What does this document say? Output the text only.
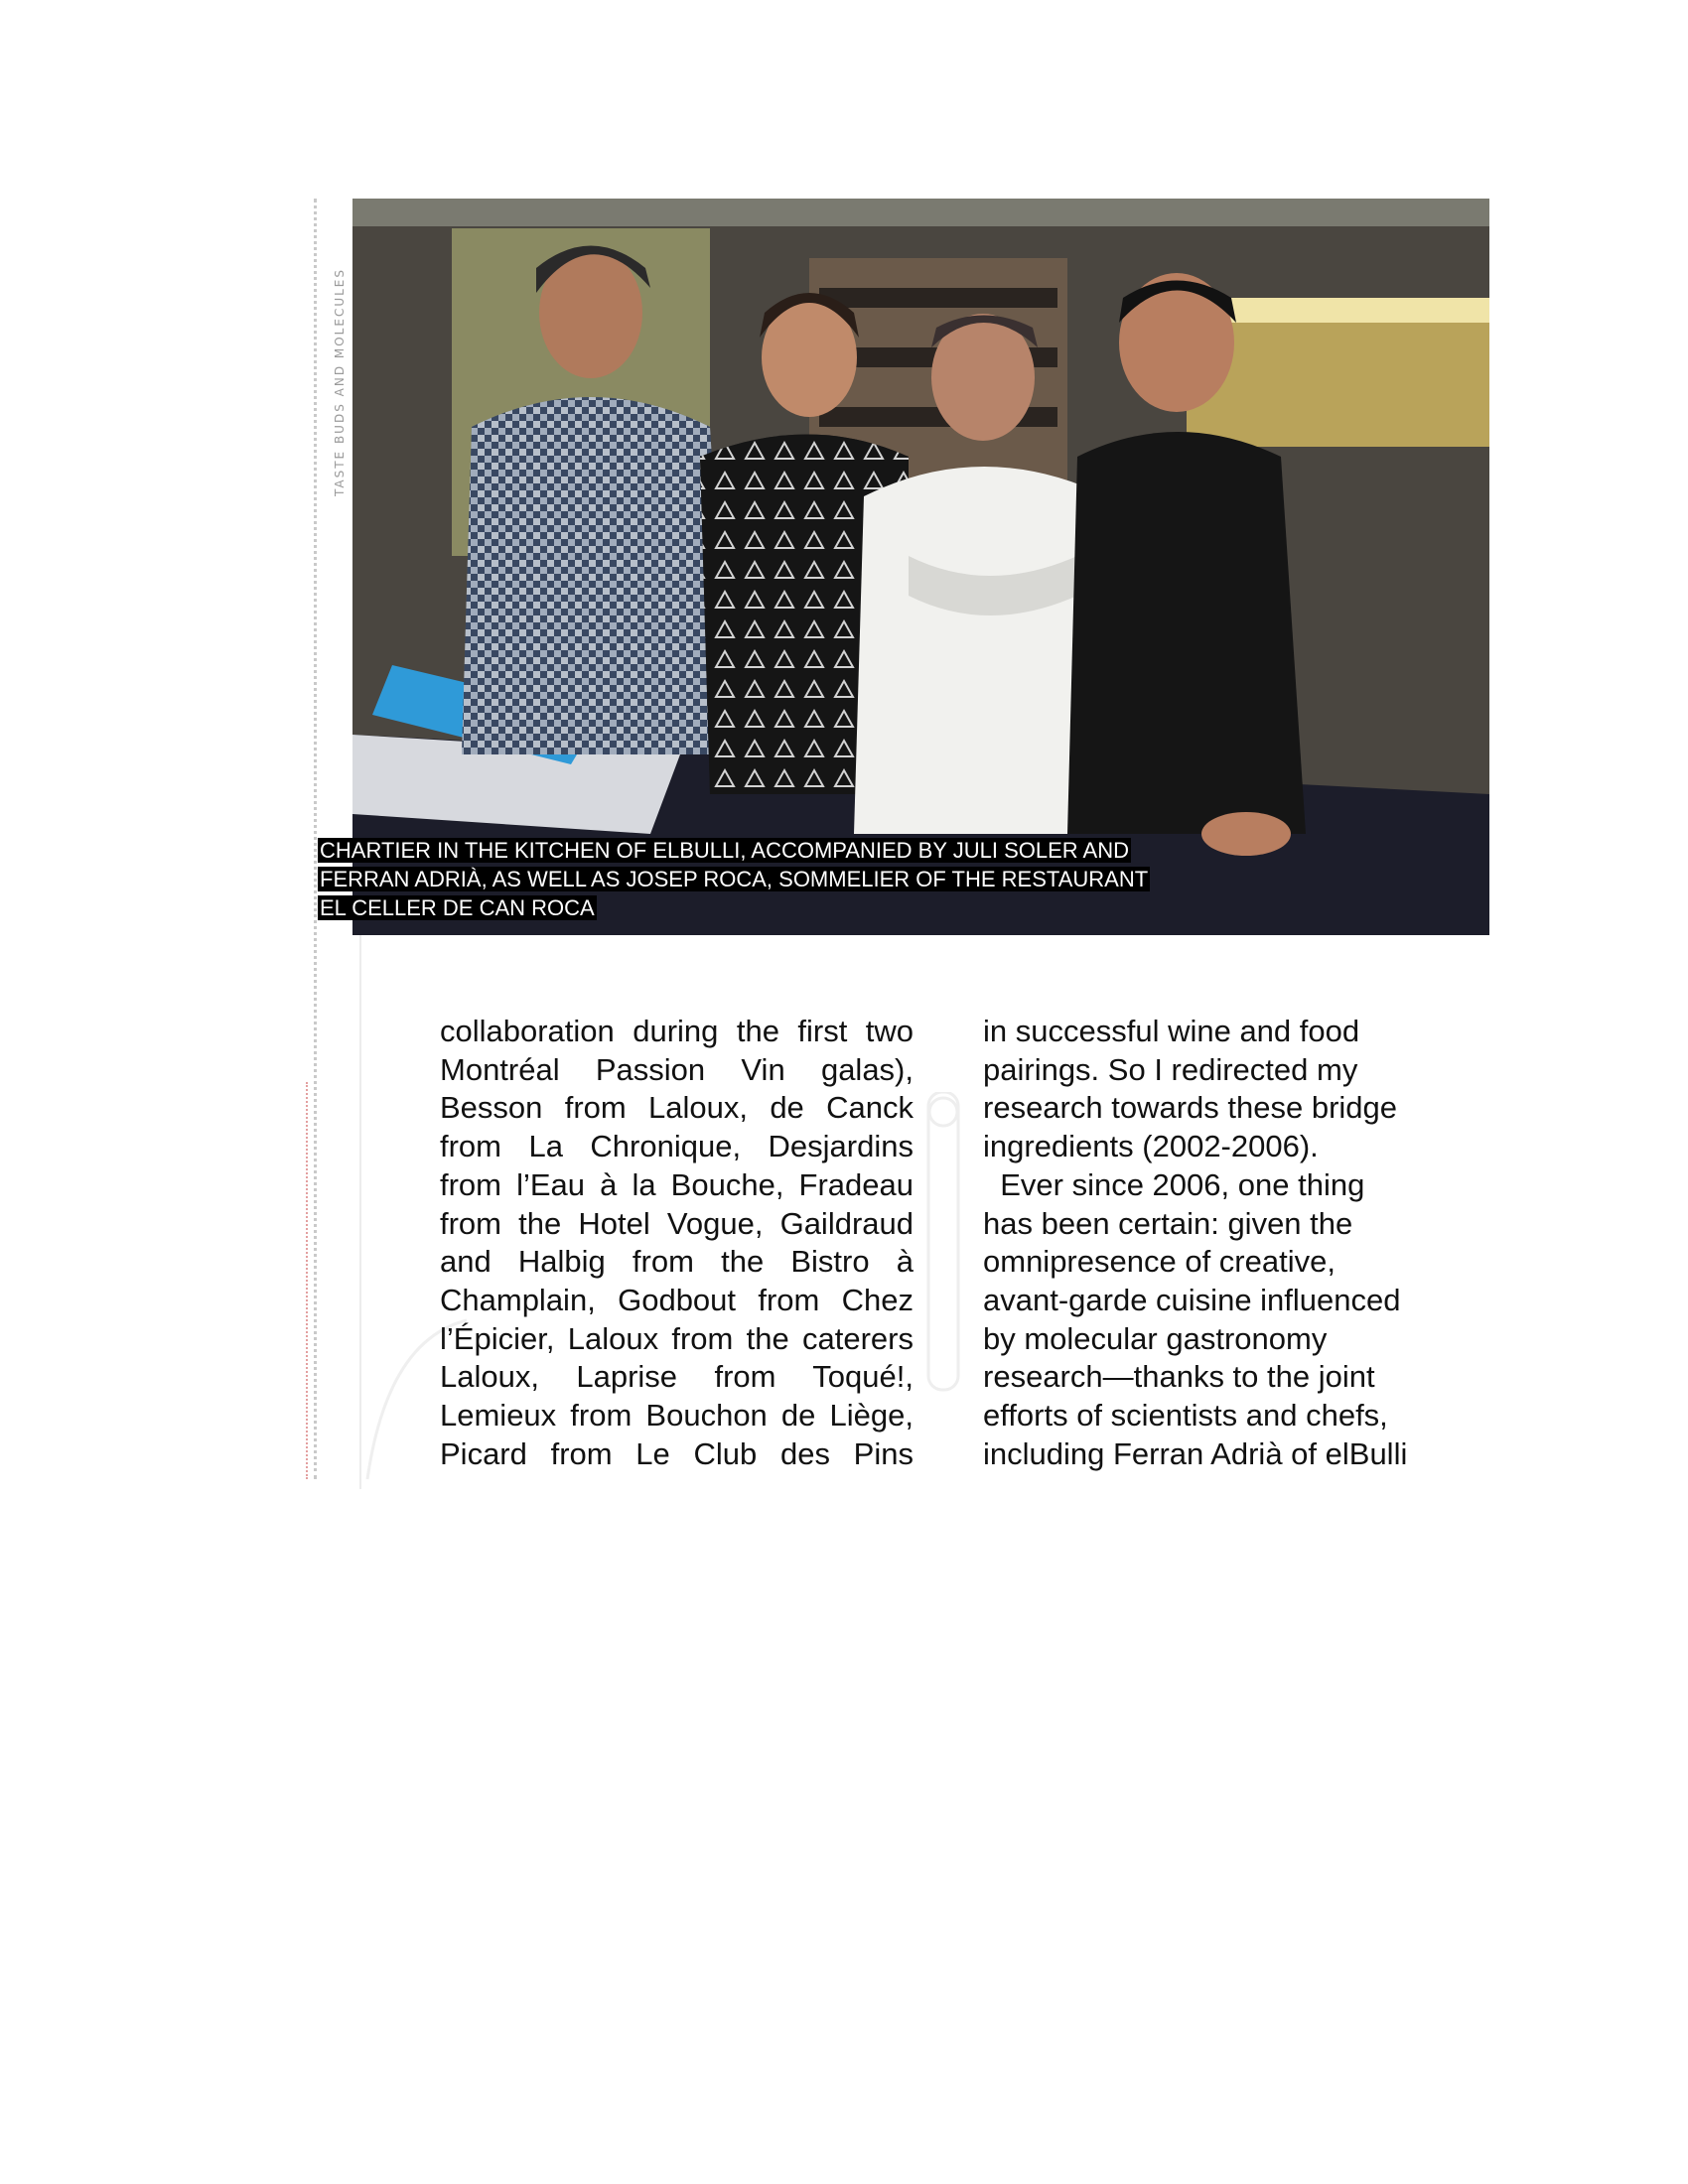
TASTE BUDS AND MOLECULES
CHARTIER IN THE KITCHEN OF ELBULLI, ACCOMPANIED BY JULI SOLER AND
FERRAN ADRIÀ, AS WELL AS JOSEP ROCA, SOMMELIER OF THE RESTAURANT
EL CELLER DE CAN ROCA
collaboration during the first two
Montréal Passion Vin galas),
Besson from Laloux, de Canck
from La Chronique, Desjardins
from l’Eau à la Bouche, Fradeau
from the Hotel Vogue, Gaildraud
and Halbig from the Bistro à
Champlain, Godbout from Chez
l’Épicier, Laloux from the caterers
Laloux, Laprise from Toqué!,
Lemieux from Bouchon de Liège,
Picard from Le Club des Pins
in successful wine and food
pairings. So I redirected my
research towards these bridge
ingredients (2002-2006).
Ever since 2006, one thing
has been certain: given the
omnipresence of creative,
avant-garde cuisine influenced
by molecular gastronomy
research—thanks to the joint
efforts of scientists and chefs,
including Ferran Adrià of elBulli
